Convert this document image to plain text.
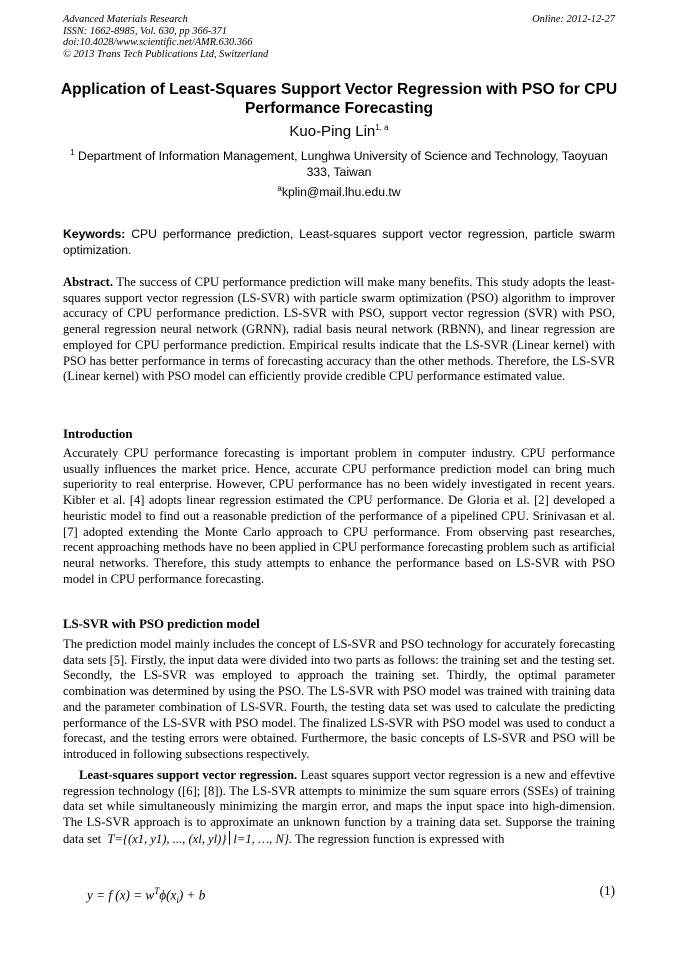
Advanced Materials Research
ISSN: 1662-8985, Vol. 630, pp 366-371
doi:10.4028/www.scientific.net/AMR.630.366
© 2013 Trans Tech Publications Ltd, Switzerland
Online: 2012-12-27
Application of Least-Squares Support Vector Regression with PSO for CPU Performance Forecasting
Kuo-Ping Lin$^{1, a}$
$^1$ Department of Information Management, Lunghwa University of Science and Technology, Taoyuan 333, Taiwan
$^a$kplin@mail.lhu.edu.tw
Keywords: CPU performance prediction, Least-squares support vector regression, particle swarm optimization.
Abstract. The success of CPU performance prediction will make many benefits. This study adopts the least-squares support vector regression (LS-SVR) with particle swarm optimization (PSO) algorithm to improver accuracy of CPU performance prediction. LS-SVR with PSO, support vector regression (SVR) with PSO, general regression neural network (GRNN), radial basis neural network (RBNN), and linear regression are employed for CPU performance prediction. Empirical results indicate that the LS-SVR (Linear kernel) with PSO has better performance in terms of forecasting accuracy than the other methods. Therefore, the LS-SVR (Linear kernel) with PSO model can efficiently provide credible CPU performance estimated value.
Introduction
Accurately CPU performance forecasting is important problem in computer industry. CPU performance usually influences the market price. Hence, accurate CPU performance prediction model can bring much superiority to real enterprise. However, CPU performance has no been widely investigated in recent years. Kibler et al. [4] adopts linear regression estimated the CPU performance. De Gloria et al. [2] developed a heuristic model to find out a reasonable prediction of the performance of a pipelined CPU. Srinivasan et al. [7] adopted extending the Monte Carlo approach to CPU performance. From observing past researches, recent approaching methods have no been applied in CPU performance forecasting problem such as artificial neural networks. Therefore, this study attempts to enhance the performance based on LS-SVR with PSO model in CPU performance forecasting.
LS-SVR with PSO prediction model
The prediction model mainly includes the concept of LS-SVR and PSO technology for accurately forecasting data sets [5]. Firstly, the input data were divided into two parts as follows: the training set and the testing set. Secondly, the LS-SVR was employed to approach the training set. Thirdly, the optimal parameter combination was determined by using the PSO. The LS-SVR with PSO model was trained with training data and the parameter combination of LS-SVR. Fourth, the testing data set was used to calculate the predicting performance of the LS-SVR with PSO model. The finalized LS-SVR with PSO model was used to conduct a forecast, and the testing errors were obtained. Furthermore, the basic concepts of LS-SVR and PSO will be introduced in following subsections respectively.
Least-squares support vector regression. Least squares support vector regression is a new and effevtive regression technology ([6]; [8]). The LS-SVR attempts to minimize the sum square errors (SSEs) of training data set while simultaneously minimizing the margin error, and maps the input space into high-dimension. The LS-SVR approach is to approximate an unknown function by a training data set. Supporse the training data set T={(x1, y1), ..., (xl, yl)} l=1, …, N}. The regression function is expressed with
y = f $(x) = w^T\phi(x_i) + b$	(1)
